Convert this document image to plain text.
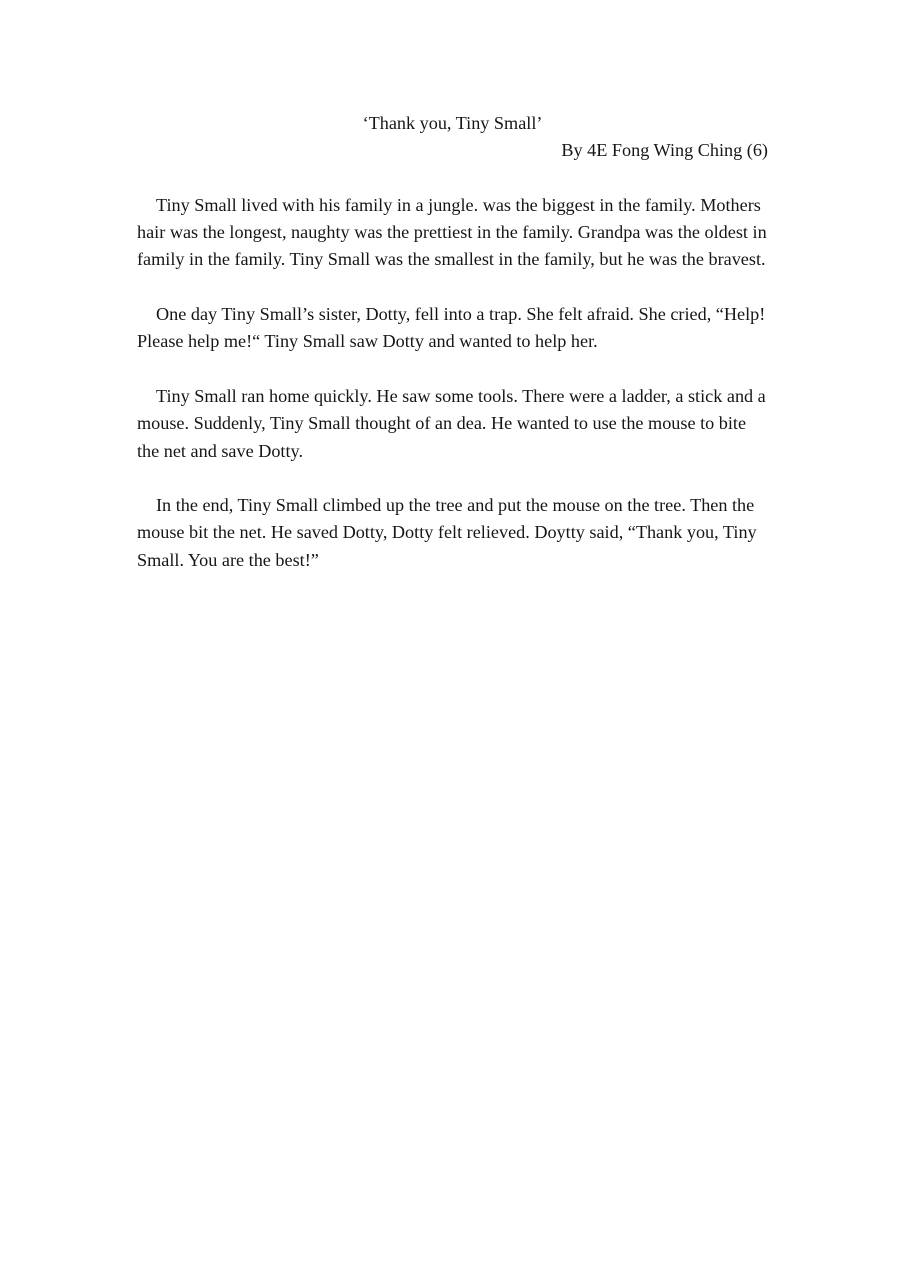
‘Thank you, Tiny Small’
By 4E Fong Wing Ching (6)

Tiny Small lived with his family in a jungle. was the biggest in the family. Mothers hair was the longest, naughty was the prettiest in the family. Grandpa was the oldest in family in the family. Tiny Small was the smallest in the family, but he was the bravest.

One day Tiny Small’s sister, Dotty, fell into a trap. She felt afraid. She cried, “Help! Please help me!“ Tiny Small saw Dotty and wanted to help her.

Tiny Small ran home quickly. He saw some tools. There were a ladder, a stick and a mouse. Suddenly, Tiny Small thought of an dea. He wanted to use the mouse to bite the net and save Dotty.

In the end, Tiny Small climbed up the tree and put the mouse on the tree. Then the mouse bit the net. He saved Dotty, Dotty felt relieved. Doytty said, “Thank you, Tiny Small. You are the best!”
